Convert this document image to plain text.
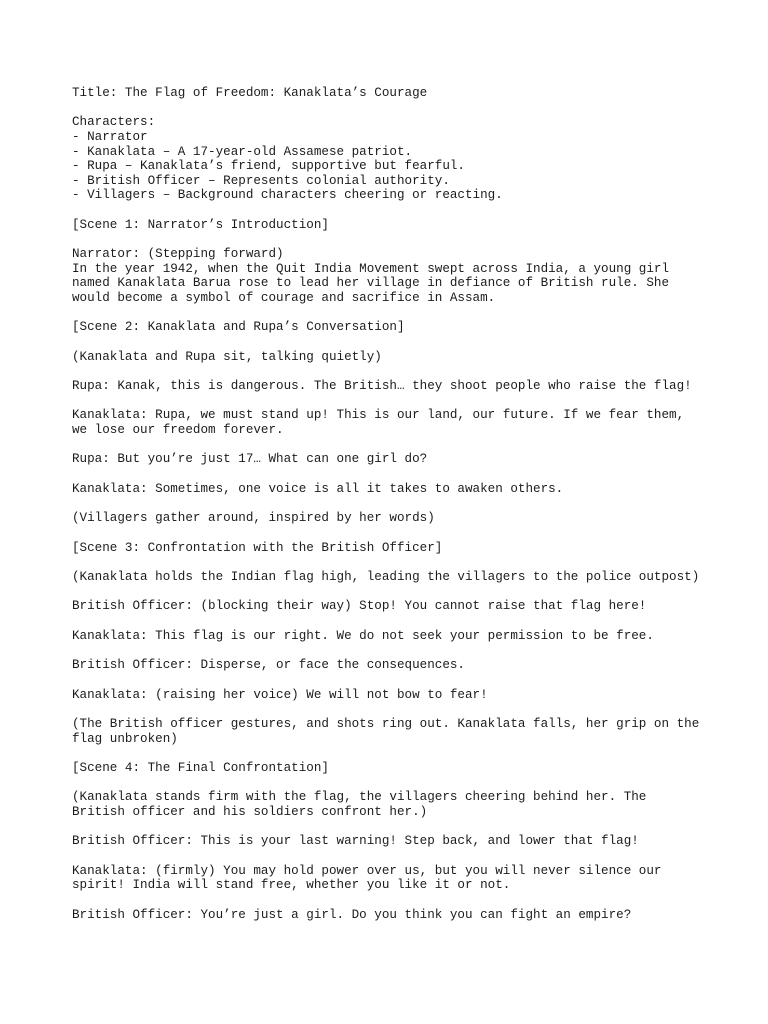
Title: The Flag of Freedom: Kanaklata’s Courage
Characters:
- Narrator
- Kanaklata – A 17-year-old Assamese patriot.
- Rupa – Kanaklata’s friend, supportive but fearful.
- British Officer – Represents colonial authority.
- Villagers – Background characters cheering or reacting.
[Scene 1: Narrator’s Introduction]
Narrator: (Stepping forward)
In the year 1942, when the Quit India Movement swept across India, a young girl
named Kanaklata Barua rose to lead her village in defiance of British rule. She
would become a symbol of courage and sacrifice in Assam.
[Scene 2: Kanaklata and Rupa’s Conversation]
(Kanaklata and Rupa sit, talking quietly)
Rupa: Kanak, this is dangerous. The British… they shoot people who raise the flag!
Kanaklata: Rupa, we must stand up! This is our land, our future. If we fear them,
we lose our freedom forever.
Rupa: But you’re just 17… What can one girl do?
Kanaklata: Sometimes, one voice is all it takes to awaken others.
(Villagers gather around, inspired by her words)
[Scene 3: Confrontation with the British Officer]
(Kanaklata holds the Indian flag high, leading the villagers to the police outpost)
British Officer: (blocking their way) Stop! You cannot raise that flag here!
Kanaklata: This flag is our right. We do not seek your permission to be free.
British Officer: Disperse, or face the consequences.
Kanaklata: (raising her voice) We will not bow to fear!
(The British officer gestures, and shots ring out. Kanaklata falls, her grip on the
flag unbroken)
[Scene 4: The Final Confrontation]
(Kanaklata stands firm with the flag, the villagers cheering behind her. The
British officer and his soldiers confront her.)
British Officer: This is your last warning! Step back, and lower that flag!
Kanaklata: (firmly) You may hold power over us, but you will never silence our
spirit! India will stand free, whether you like it or not.
British Officer: You’re just a girl. Do you think you can fight an empire?
